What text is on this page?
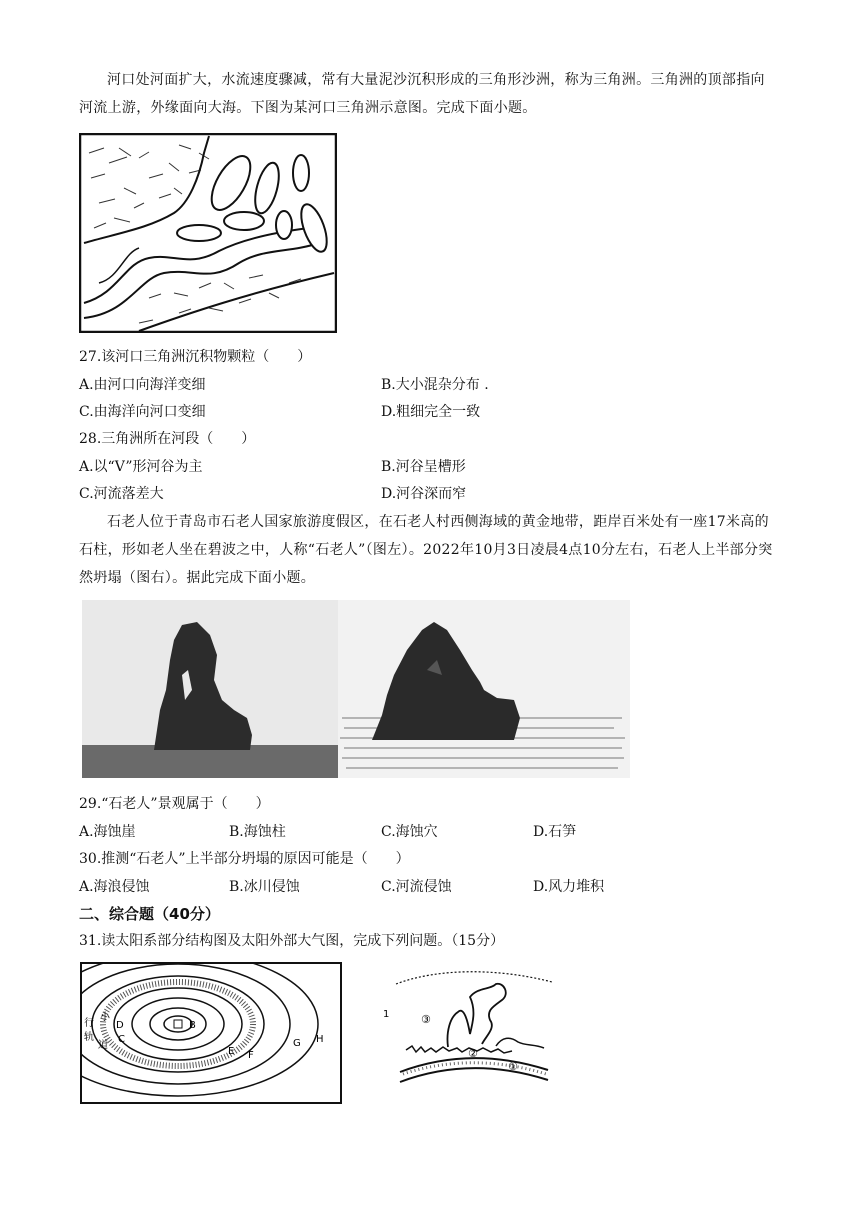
河口处河面扩大，水流速度骤减，常有大量泥沙沉积形成的三角形沙洲，称为三角洲。三角洲的顶部指向河流上游，外缘面向大海。下图为某河口三角洲示意图。完成下面小题。

27.该河口三角洲沉积物颗粒（　　）

A.由河口向海洋变细	B.大小混杂分布 .
C.由海洋向河口变细	D.粗细完全一致

28.三角洲所在河段（　　）

A.以“V”形河谷为主	B.河谷呈槽形
C.河流落差大	D.河谷深而窄

石老人位于青岛市石老人国家旅游度假区，在石老人村西侧海域的黄金地带，距岸百米处有一座17米高的石柱，形如老人坐在碧波之中，人称“石老人”（图左）。2022年10月3日凌晨4点10分左右，石老人上半部分突然坍塌（图右）。据此完成下面小题。

29.“石老人”景观属于（　　）

A.海蚀崖	B.海蚀柱	C.海蚀穴	D.石笋

30.推测“石老人”上半部分坍塌的原因可能是（　　）

A.海浪侵蚀	B.冰川侵蚀	C.河流侵蚀	D.风力堆积
二、综合题（40分）

31.读太阳系部分结构图及太阳外部大气图，完成下列问题。（15分）

B
D
C
E F
G H
行
小
轨
道
③
②
①
1
